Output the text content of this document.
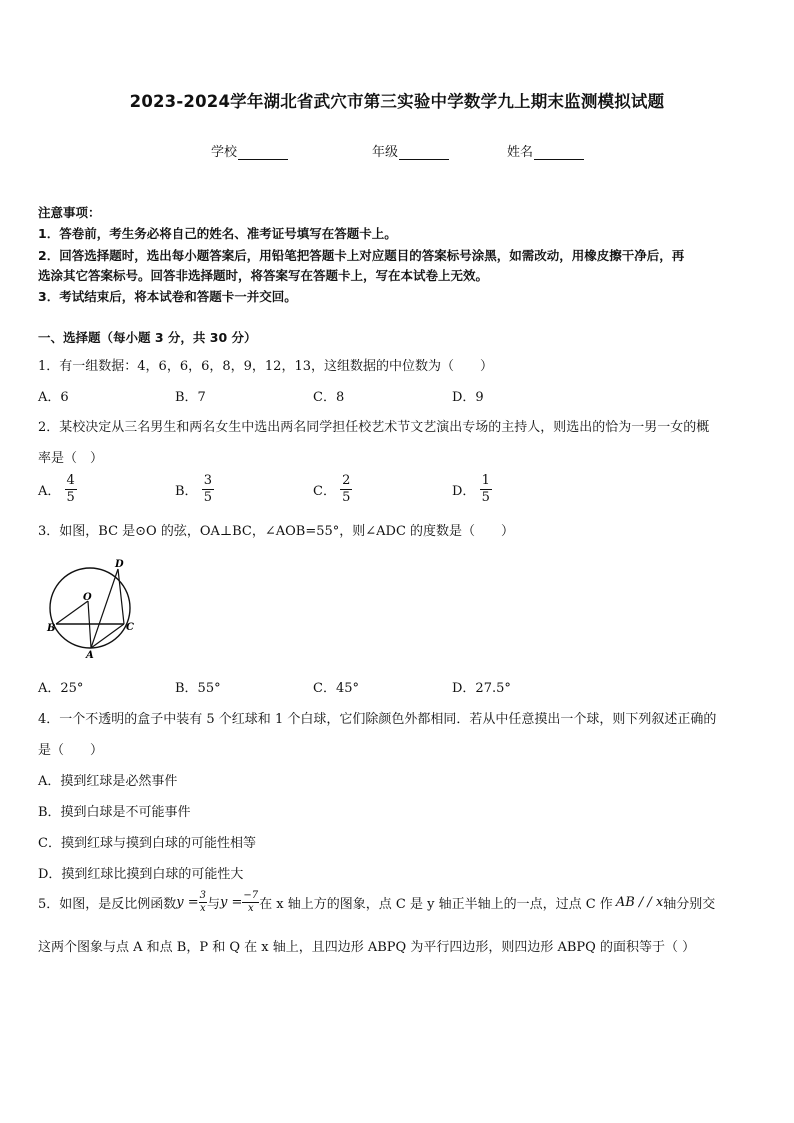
2023-2024学年湖北省武穴市第三实验中学数学九上期末监测模拟试题
学校	年级	姓名
注意事项：
1．答卷前，考生务必将自己的姓名、准考证号填写在答题卡上。
2．回答选择题时，选出每小题答案后，用铅笔把答题卡上对应题目的答案标号涂黑，如需改动，用橡皮擦干净后，再
选涂其它答案标号。回答非选择题时，将答案写在答题卡上，写在本试卷上无效。
3．考试结束后，将本试卷和答题卡一并交回。
一、选择题（每小题 3 分，共 30 分）
1．有一组数据：4，6，6，6，8，9，12，13，这组数据的中位数为（　　）
A．6	B．7	C．8	D．9
2．某校决定从三名男生和两名女生中选出两名同学担任校艺术节文艺演出专场的主持人，则选出的恰为一男一女的概
率是（　）
A． $\frac{4}{5}$	B． $\frac{3}{5}$	C． $\frac{2}{5}$	D． $\frac{1}{5}$
3．如图，BC 是⊙O 的弦，OA⊥BC，∠AOB=55°，则∠ADC 的度数是（　　）
O
B	C
A
D
A．25°	B．55°	C．45°	D．27.5°
4．一个不透明的盒子中装有 5 个红球和 1 个白球，它们除颜色外都相同．若从中任意摸出一个球，则下列叙述正确的
是（　　）
A．摸到红球是必然事件
B．摸到白球是不可能事件
C．摸到红球与摸到白球的可能性相等
D．摸到红球比摸到白球的可能性大
5．如图，是反比例函数$y = \frac{3}{x}$ 与$y = \frac{-7}{x}$ 在 x 轴上方的图象，点 C 是 y 轴正半轴上的一点，过点 C 作 AB / / x轴分别交
这两个图象与点 A 和点 B，P 和 Q 在 x 轴上，且四边形 ABPQ 为平行四边形，则四边形 ABPQ 的面积等于（ ）
